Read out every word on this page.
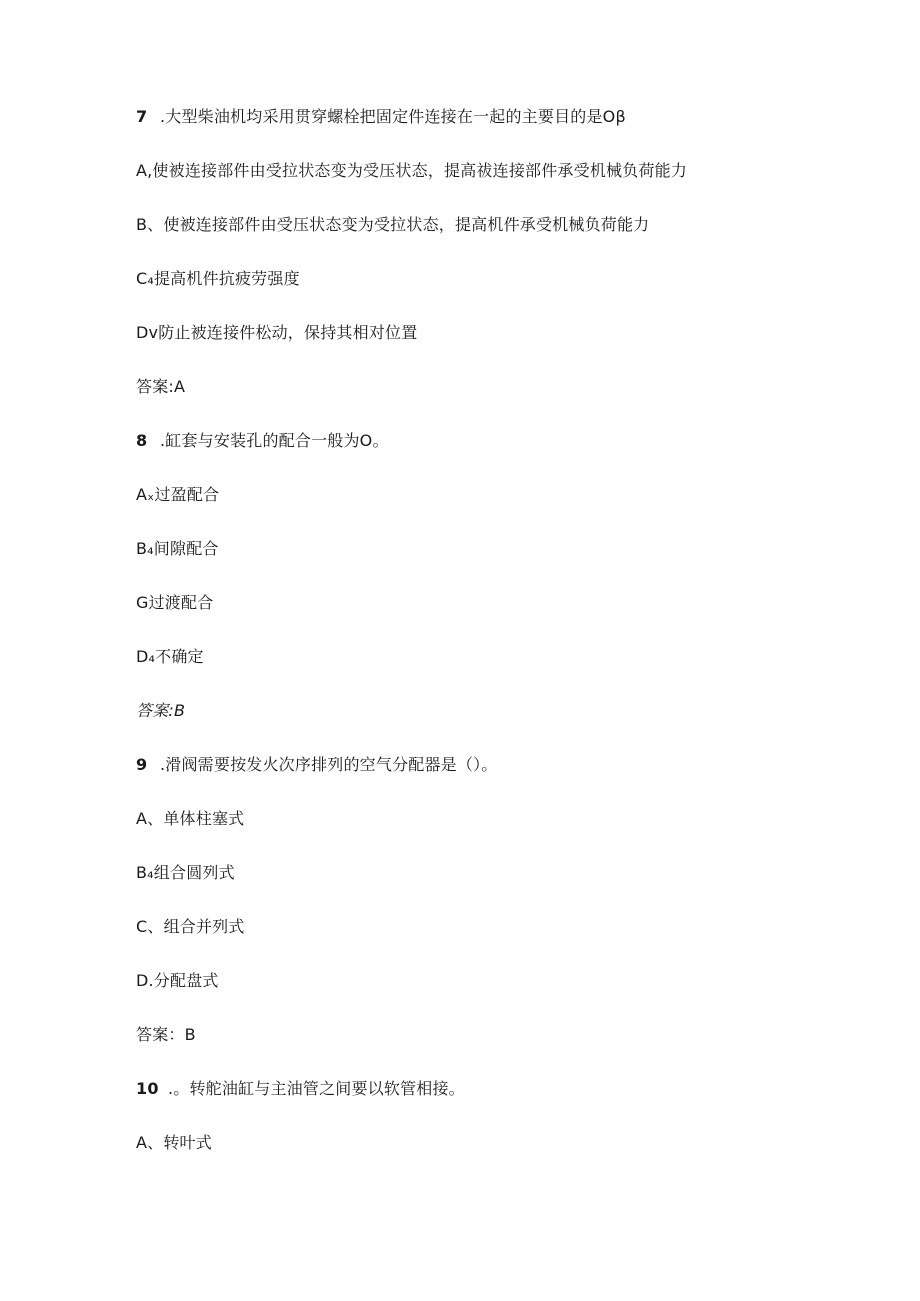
7 .大型柴油机均采用贯穿螺栓把固定件连接在一起的主要目的是Oβ
A,使被连接部件由受拉状态变为受压状态，提高祓连接部件承受机械负荷能力
B、使被连接部件由受压状态变为受拉状态，提高机件承受机械负荷能力
C₄提高机件抗疲劳强度
Dv防止被连接件松动，保持其相对位置
答案:A
8 .缸套与安装孔的配合一般为O。
Aₓ过盈配合
B₄间隙配合
G过渡配合
D₄不确定
答案:B
9 .滑阀需要按发火次序排列的空气分配器是（）。
A、单体柱塞式
B₄组合圆列式
C、组合并列式
D.分配盘式
答案：B
10 .。转舵油缸与主油管之间要以软管相接。
A、转叶式
